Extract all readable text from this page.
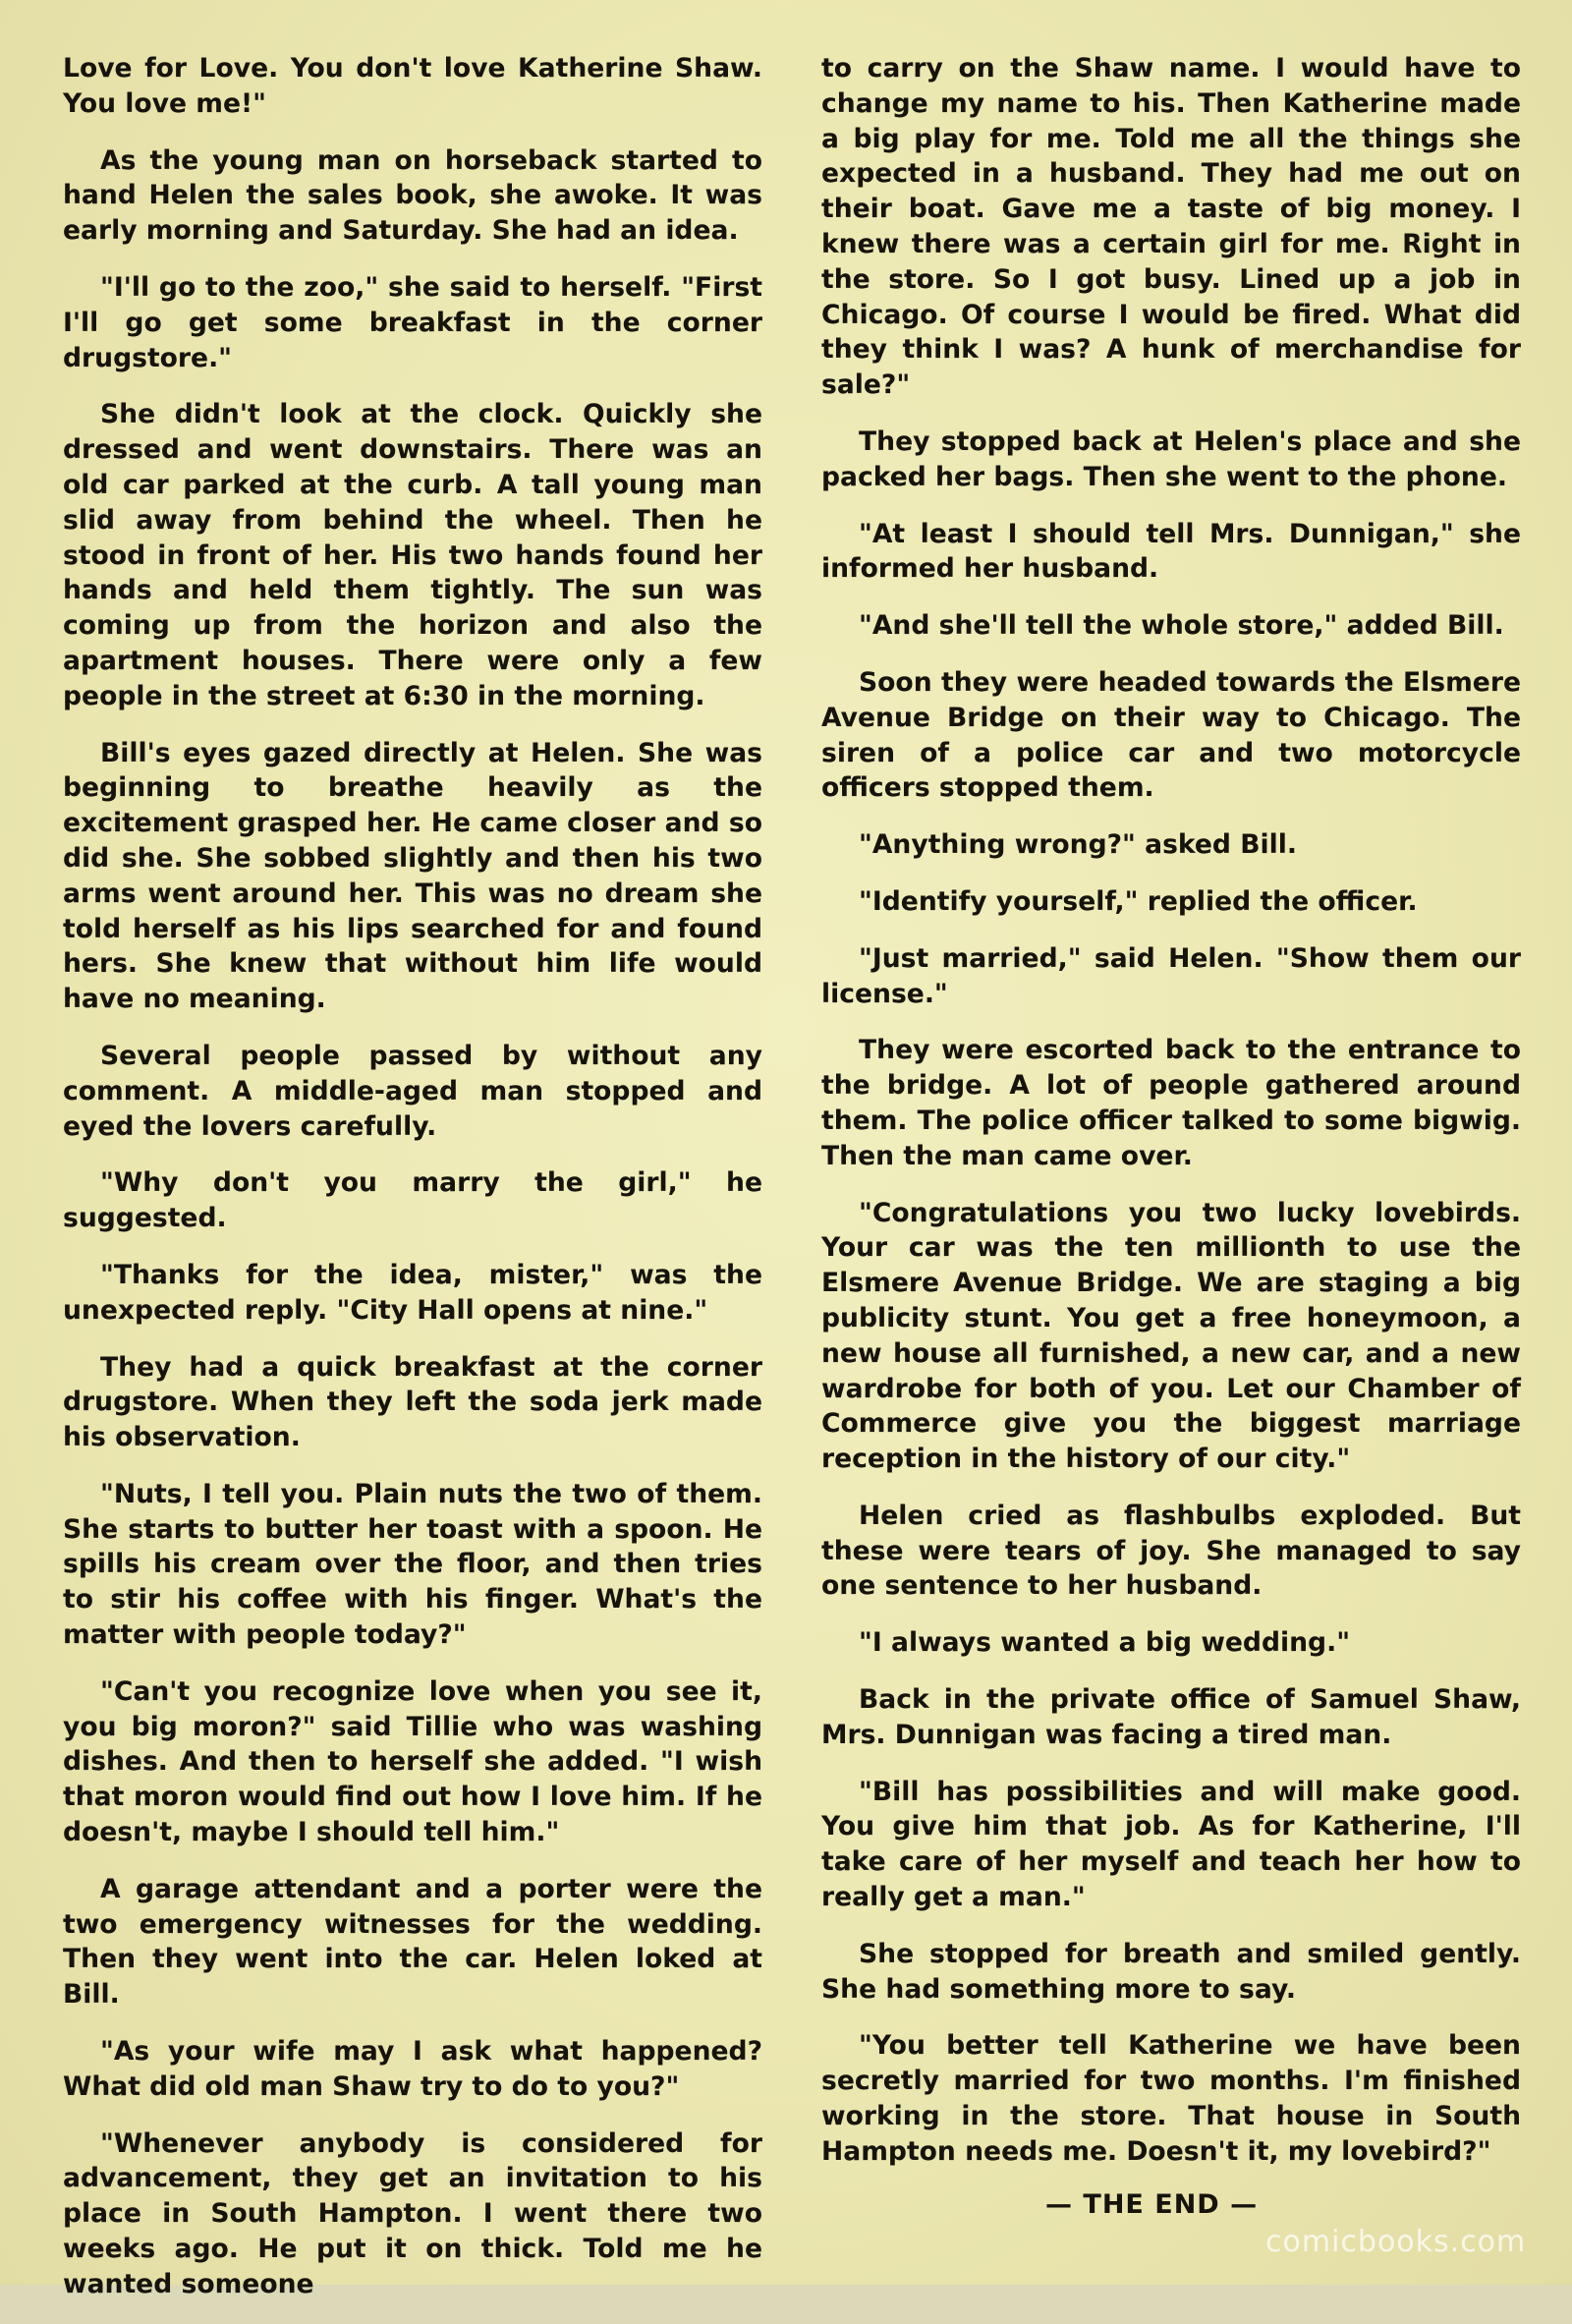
Love for Love. You don't love Katherine Shaw. You love me!"

As the young man on horseback started to hand Helen the sales book, she awoke. It was early morning and Saturday. She had an idea.

"I'll go to the zoo," she said to herself. "First I'll go get some breakfast in the corner drugstore."

She didn't look at the clock. Quickly she dressed and went downstairs. There was an old car parked at the curb. A tall young man slid away from behind the wheel. Then he stood in front of her. His two hands found her hands and held them tightly. The sun was coming up from the horizon and also the apartment houses. There were only a few people in the street at 6:30 in the morning.

Bill's eyes gazed directly at Helen. She was beginning to breathe heavily as the excitement grasped her. He came closer and so did she. She sobbed slightly and then his two arms went around her. This was no dream she told herself as his lips searched for and found hers. She knew that without him life would have no meaning.

Several people passed by without any comment. A middle-aged man stopped and eyed the lovers carefully.

"Why don't you marry the girl," he suggested.

"Thanks for the idea, mister," was the unexpected reply. "City Hall opens at nine."

They had a quick breakfast at the corner drugstore. When they left the soda jerk made his observation.

"Nuts, I tell you. Plain nuts the two of them. She starts to butter her toast with a spoon. He spills his cream over the floor, and then tries to stir his coffee with his finger. What's the matter with people today?"

"Can't you recognize love when you see it, you big moron?" said Tillie who was washing dishes. And then to herself she added. "I wish that moron would find out how I love him. If he doesn't, maybe I should tell him."

A garage attendant and a porter were the two emergency witnesses for the wedding. Then they went into the car. Helen loked at Bill.

"As your wife may I ask what happened? What did old man Shaw try to do to you?"

"Whenever anybody is considered for advancement, they get an invitation to his place in South Hampton. I went there two weeks ago. He put it on thick. Told me he wanted someone

to carry on the Shaw name. I would have to change my name to his. Then Katherine made a big play for me. Told me all the things she expected in a husband. They had me out on their boat. Gave me a taste of big money. I knew there was a certain girl for me. Right in the store. So I got busy. Lined up a job in Chicago. Of course I would be fired. What did they think I was? A hunk of merchandise for sale?"

They stopped back at Helen's place and she packed her bags. Then she went to the phone.

"At least I should tell Mrs. Dunnigan," she informed her husband.

"And she'll tell the whole store," added Bill.

Soon they were headed towards the Elsmere Avenue Bridge on their way to Chicago. The siren of a police car and two motorcycle officers stopped them.

"Anything wrong?" asked Bill.

"Identify yourself," replied the officer.

"Just married," said Helen. "Show them our license."

They were escorted back to the entrance to the bridge. A lot of people gathered around them. The police officer talked to some bigwig. Then the man came over.

"Congratulations you two lucky lovebirds. Your car was the ten millionth to use the Elsmere Avenue Bridge. We are staging a big publicity stunt. You get a free honeymoon, a new house all furnished, a new car, and a new wardrobe for both of you. Let our Chamber of Commerce give you the biggest marriage reception in the history of our city."

Helen cried as flashbulbs exploded. But these were tears of joy. She managed to say one sentence to her husband.

"I always wanted a big wedding."

Back in the private office of Samuel Shaw, Mrs. Dunnigan was facing a tired man.

"Bill has possibilities and will make good. You give him that job. As for Katherine, I'll take care of her myself and teach her how to really get a man."

She stopped for breath and smiled gently. She had something more to say.

"You better tell Katherine we have been secretly married for two months. I'm finished working in the store. That house in South Hampton needs me. Doesn't it, my lovebird?"

— THE END —
comicbooks.com
